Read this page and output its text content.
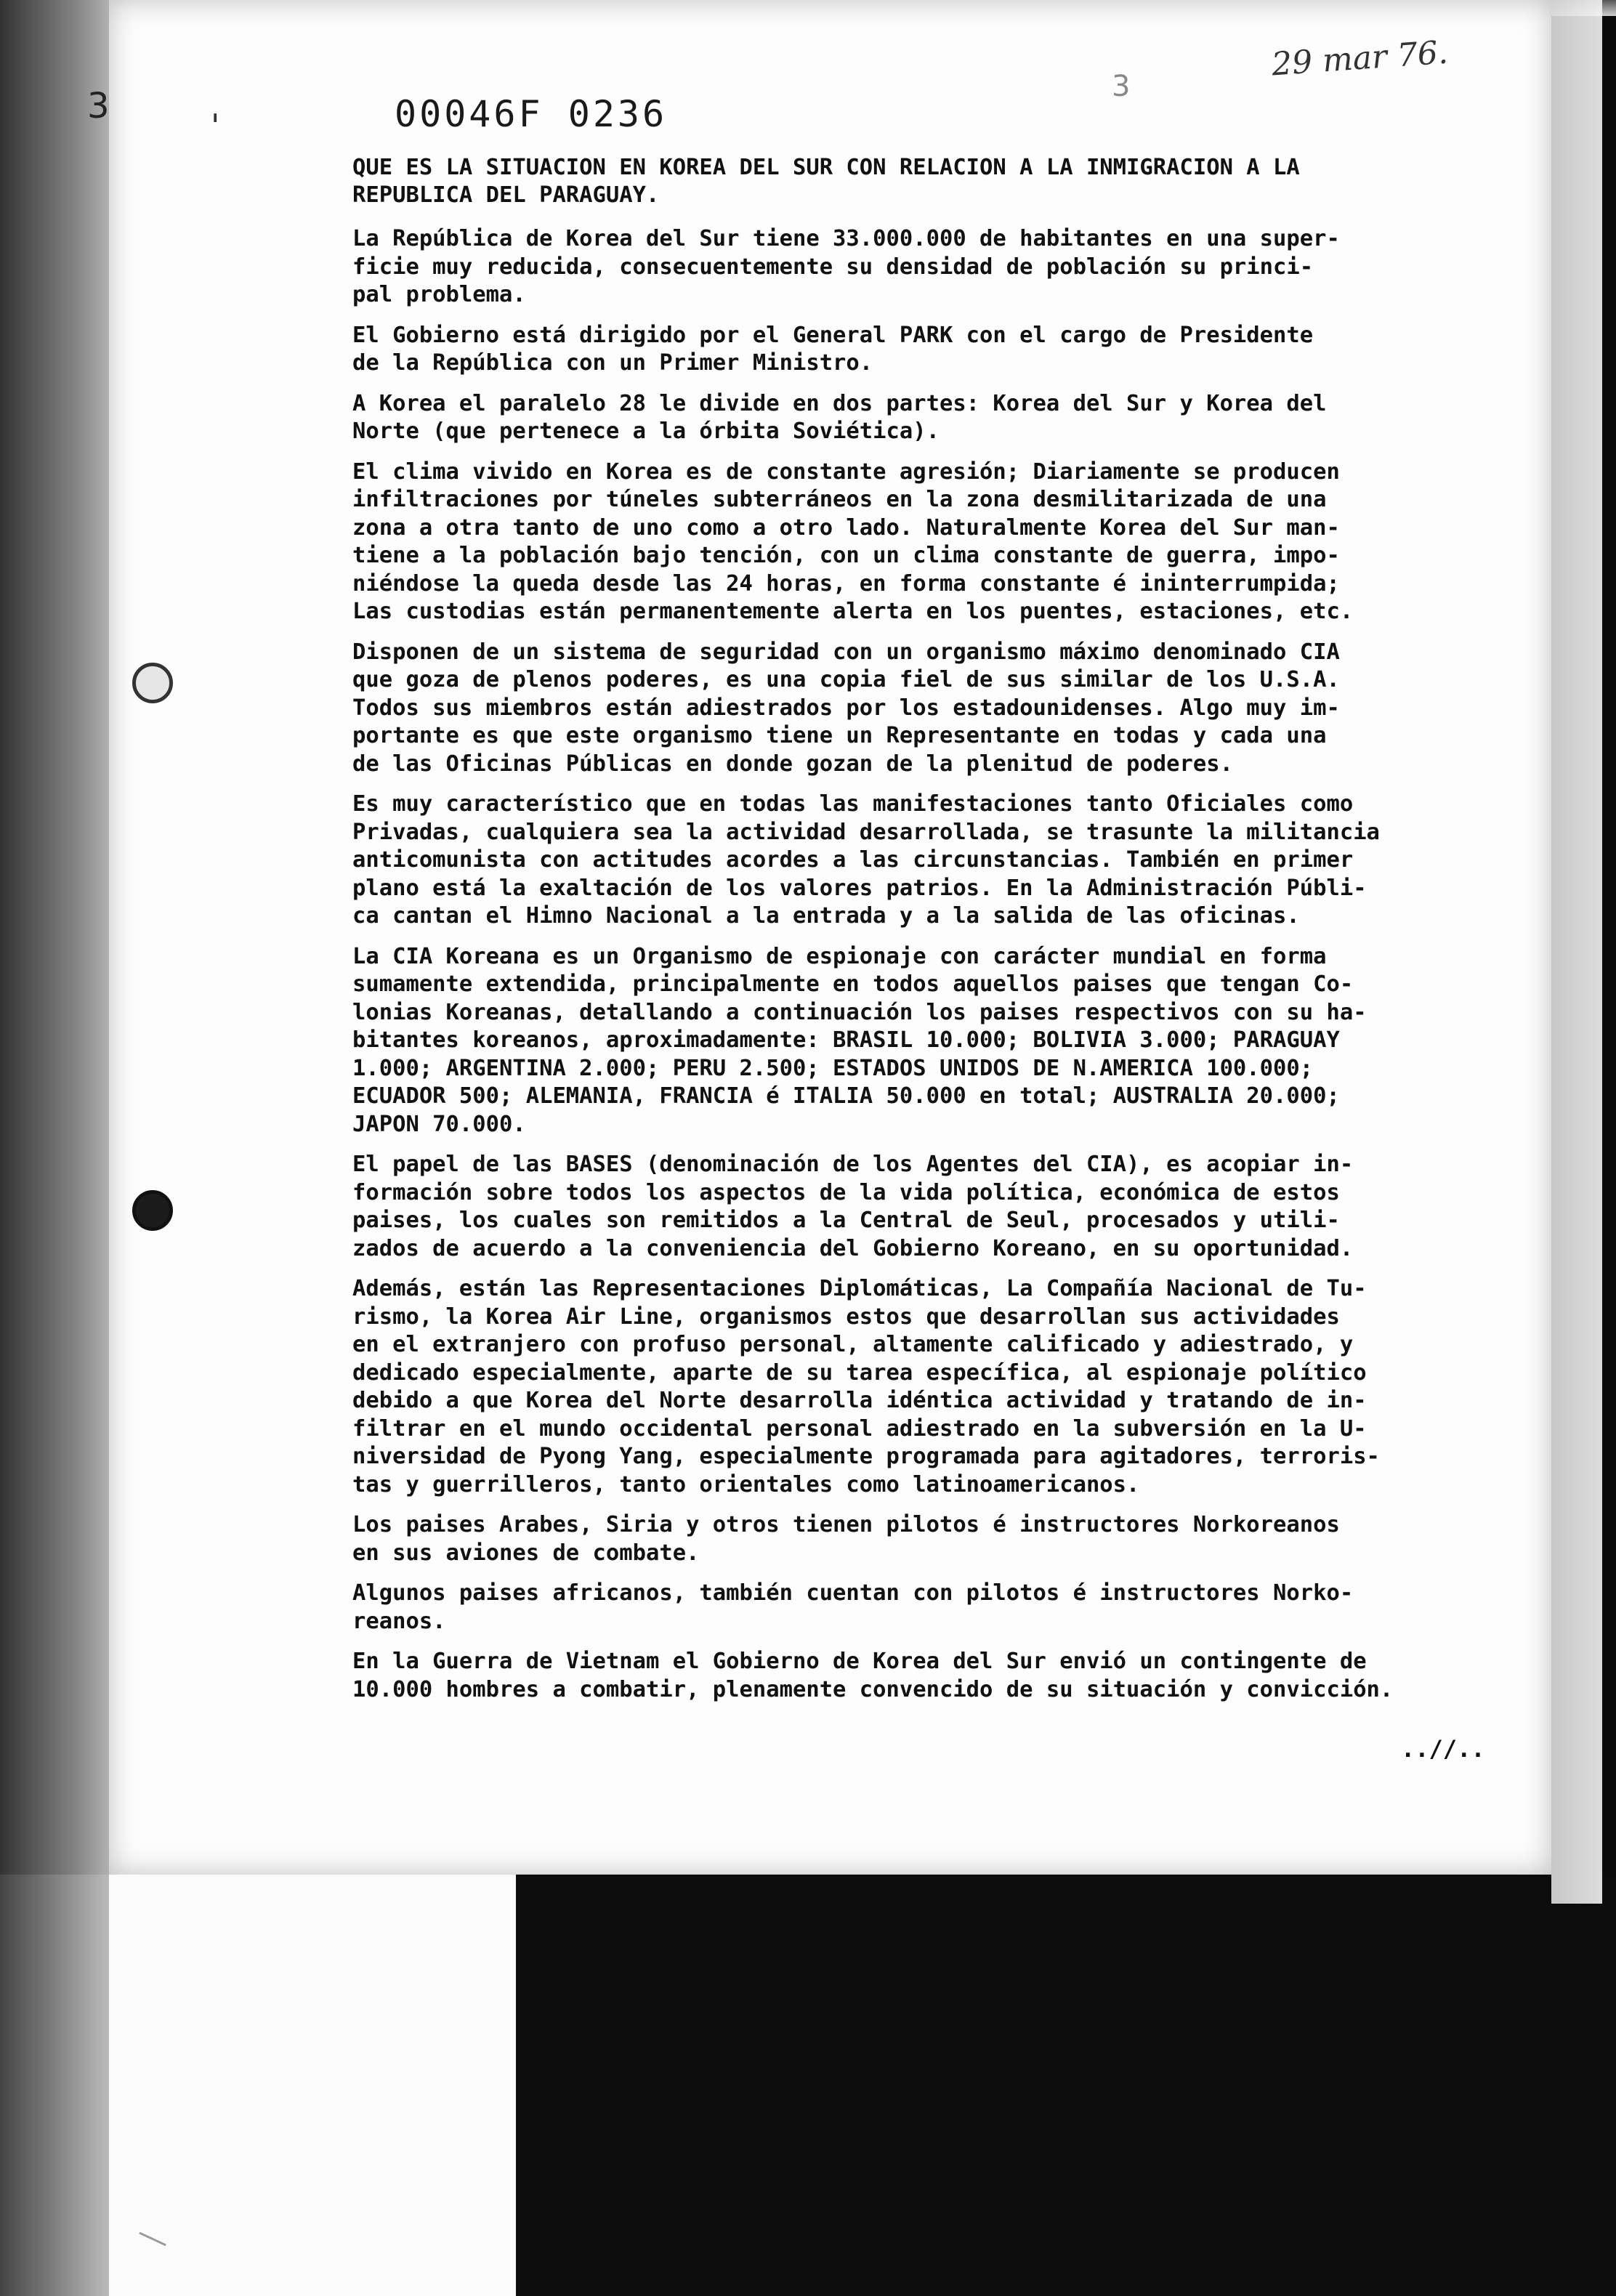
3	'	00046F 0236
3
29 mar 76.
QUE ES LA SITUACION EN KOREA DEL SUR CON RELACION A LA INMIGRACION A LA
REPUBLICA DEL PARAGUAY.

La República de Korea del Sur tiene 33.000.000 de habitantes en una super-
ficie muy reducida, consecuentemente su densidad de población su princi-
pal problema.

El Gobierno está dirigido por el General PARK con el cargo de Presidente
de la República con un Primer Ministro.

A Korea el paralelo 28 le divide en dos partes: Korea del Sur y Korea del
Norte (que pertenece a la órbita Soviética).

El clima vivido en Korea es de constante agresión; Diariamente se producen
infiltraciones por túneles subterráneos en la zona desmilitarizada de una
zona a otra tanto de uno como a otro lado. Naturalmente Korea del Sur man-
tiene a la población bajo tención, con un clima constante de guerra, impo-
niéndose la queda desde las 24 horas, en forma constante é ininterrumpida;
Las custodias están permanentemente alerta en los puentes, estaciones, etc.

Disponen de un sistema de seguridad con un organismo máximo denominado CIA
que goza de plenos poderes, es una copia fiel de sus similar de los U.S.A.
Todos sus miembros están adiestrados por los estadounidenses. Algo muy im-
portante es que este organismo tiene un Representante en todas y cada una
de las Oficinas Públicas en donde gozan de la plenitud de poderes.

Es muy característico que en todas las manifestaciones tanto Oficiales como
Privadas, cualquiera sea la actividad desarrollada, se trasunte la militancia
anticomunista con actitudes acordes a las circunstancias. También en primer
plano está la exaltación de los valores patrios. En la Administración Públi-
ca cantan el Himno Nacional a la entrada y a la salida de las oficinas.

La CIA Koreana es un Organismo de espionaje con carácter mundial en forma
sumamente extendida, principalmente en todos aquellos paises que tengan Co-
lonias Koreanas, detallando a continuación los paises respectivos con su ha-
bitantes koreanos, aproximadamente: BRASIL 10.000; BOLIVIA 3.000; PARAGUAY
1.000; ARGENTINA 2.000; PERU 2.500; ESTADOS UNIDOS DE N.AMERICA 100.000;
ECUADOR 500; ALEMANIA, FRANCIA é ITALIA 50.000 en total; AUSTRALIA 20.000;
JAPON 70.000.

El papel de las BASES (denominación de los Agentes del CIA), es acopiar in-
formación sobre todos los aspectos de la vida política, económica de estos
paises, los cuales son remitidos a la Central de Seul, procesados y utili-
zados de acuerdo a la conveniencia del Gobierno Koreano, en su oportunidad.

Además, están las Representaciones Diplomáticas, La Compañía Nacional de Tu-
rismo, la Korea Air Line, organismos estos que desarrollan sus actividades
en el extranjero con profuso personal, altamente calificado y adiestrado, y
dedicado especialmente, aparte de su tarea específica, al espionaje político
debido a que Korea del Norte desarrolla idéntica actividad y tratando de in-
filtrar en el mundo occidental personal adiestrado en la subversión en la U-
niversidad de Pyong Yang, especialmente programada para agitadores, terroris-
tas y guerrilleros, tanto orientales como latinoamericanos.

Los paises Arabes, Siria y otros tienen pilotos é instructores Norkoreanos
en sus aviones de combate.

Algunos paises africanos, también cuentan con pilotos é instructores Norko-
reanos.

En la Guerra de Vietnam el Gobierno de Korea del Sur envió un contingente de
10.000 hombres a combatir, plenamente convencido de su situación y convicción.

..//..
